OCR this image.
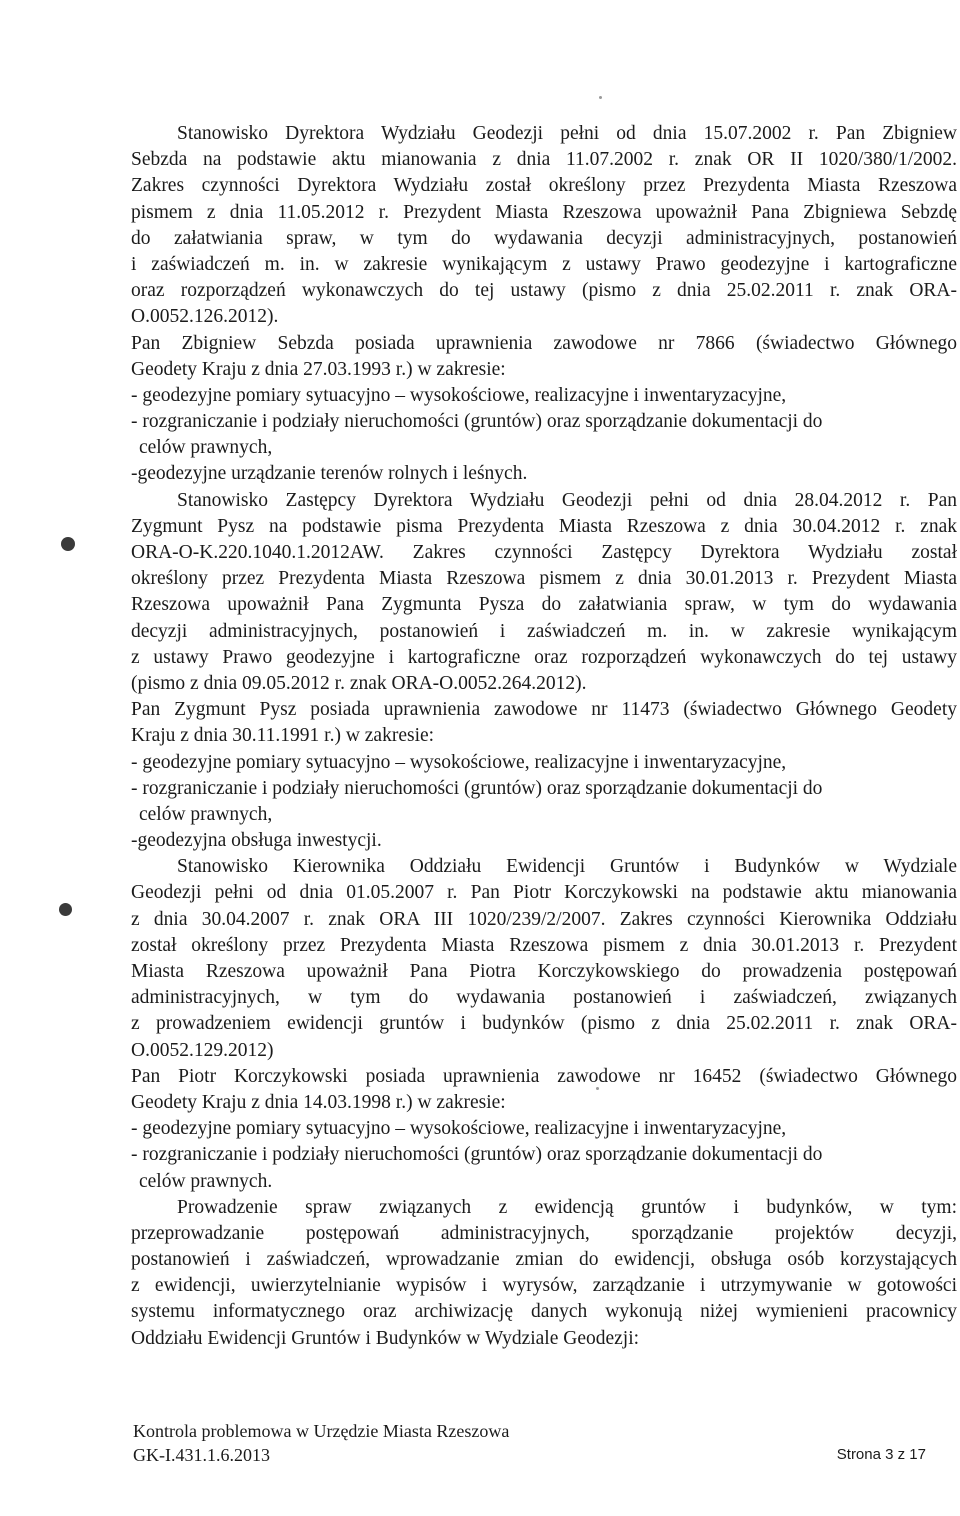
Stanowisko Dyrektora Wydziału Geodezji pełni od dnia 15.07.2002 r. Pan Zbigniew
Sebzda na podstawie aktu mianowania z dnia 11.07.2002 r. znak OR II 1020/380/1/2002.
Zakres czynności Dyrektora Wydziału został określony przez Prezydenta Miasta Rzeszowa
pismem z dnia 11.05.2012 r. Prezydent Miasta Rzeszowa upoważnił Pana Zbigniewa Sebzdę
do załatwiania spraw, w tym do wydawania decyzji administracyjnych, postanowień
i zaświadczeń m. in. w zakresie wynikającym z ustawy Prawo geodezyjne i kartograficzne
oraz rozporządzeń wykonawczych do tej ustawy (pismo z dnia 25.02.2011 r. znak ORA-
O.0052.126.2012).
Pan Zbigniew Sebzda posiada uprawnienia zawodowe nr 7866 (świadectwo Głównego
Geodety Kraju z dnia 27.03.1993 r.) w zakresie:
- geodezyjne pomiary sytuacyjno – wysokościowe, realizacyjne i inwentaryzacyjne,
- rozgraniczanie i podziały nieruchomości (gruntów) oraz sporządzanie dokumentacji do
celów prawnych,
-geodezyjne urządzanie terenów rolnych i leśnych.
Stanowisko Zastępcy Dyrektora Wydziału Geodezji pełni od dnia 28.04.2012 r. Pan
Zygmunt Pysz na podstawie pisma Prezydenta Miasta Rzeszowa z dnia 30.04.2012 r. znak
ORA-O-K.220.1040.1.2012AW. Zakres czynności Zastępcy Dyrektora Wydziału został
określony przez Prezydenta Miasta Rzeszowa pismem z dnia 30.01.2013 r. Prezydent Miasta
Rzeszowa upoważnił Pana Zygmunta Pysza do załatwiania spraw, w tym do wydawania
decyzji administracyjnych, postanowień i zaświadczeń m. in. w zakresie wynikającym
z ustawy Prawo geodezyjne i kartograficzne oraz rozporządzeń wykonawczych do tej ustawy
(pismo z dnia 09.05.2012 r. znak ORA-O.0052.264.2012).
Pan Zygmunt Pysz posiada uprawnienia zawodowe nr 11473 (świadectwo Głównego Geodety
Kraju z dnia 30.11.1991 r.) w zakresie:
- geodezyjne pomiary sytuacyjno – wysokościowe, realizacyjne i inwentaryzacyjne,
- rozgraniczanie i podziały nieruchomości (gruntów) oraz sporządzanie dokumentacji do
celów prawnych,
-geodezyjna obsługa inwestycji.
Stanowisko Kierownika Oddziału Ewidencji Gruntów i Budynków w Wydziale
Geodezji pełni od dnia 01.05.2007 r. Pan Piotr Korczykowski na podstawie aktu mianowania
z dnia 30.04.2007 r. znak ORA III 1020/239/2/2007. Zakres czynności Kierownika Oddziału
został określony przez Prezydenta Miasta Rzeszowa pismem z dnia 30.01.2013 r. Prezydent
Miasta Rzeszowa upoważnił Pana Piotra Korczykowskiego do prowadzenia postępowań
administracyjnych, w tym do wydawania postanowień i zaświadczeń, związanych
z prowadzeniem ewidencji gruntów i budynków (pismo z dnia 25.02.2011 r. znak ORA-
O.0052.129.2012)
Pan Piotr Korczykowski posiada uprawnienia zawodowe nr 16452 (świadectwo Głównego
Geodety Kraju z dnia 14.03.1998 r.) w zakresie:
- geodezyjne pomiary sytuacyjno – wysokościowe, realizacyjne i inwentaryzacyjne,
- rozgraniczanie i podziały nieruchomości (gruntów) oraz sporządzanie dokumentacji do
celów prawnych.
Prowadzenie spraw związanych z ewidencją gruntów i budynków, w tym:
przeprowadzanie postępowań administracyjnych, sporządzanie projektów decyzji,
postanowień i zaświadczeń, wprowadzanie zmian do ewidencji, obsługa osób korzystających
z ewidencji, uwierzytelnianie wypisów i wyrysów, zarządzanie i utrzymywanie w gotowości
systemu informatycznego oraz archiwizację danych wykonują niżej wymienieni pracownicy
Oddziału Ewidencji Gruntów i Budynków w Wydziale Geodezji:
Kontrola problemowa w Urzędzie Miasta Rzeszowa
GK-I.431.1.6.2013	Strona 3 z 17
